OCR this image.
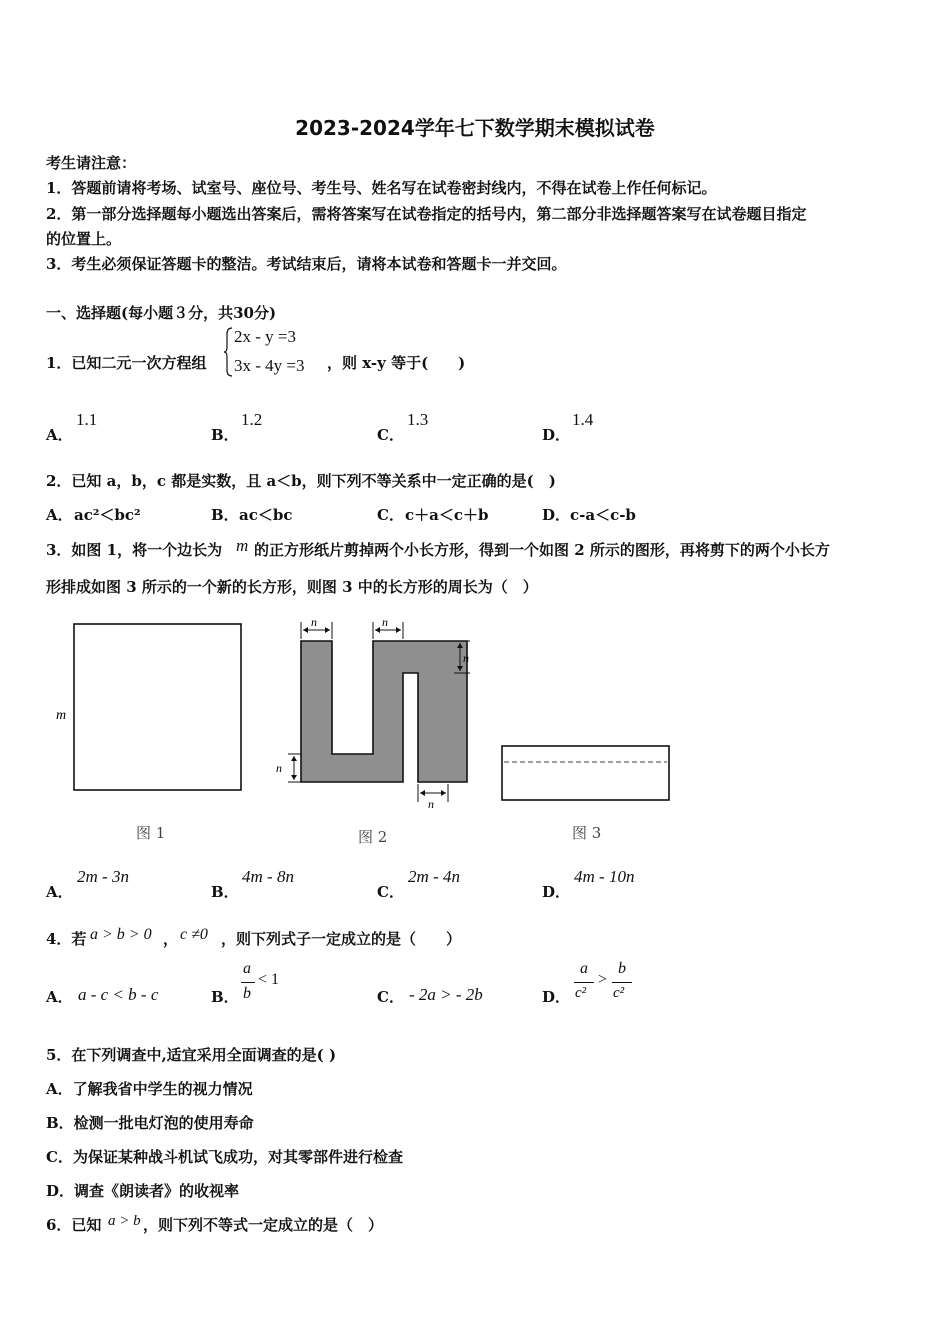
2023-2024学年七下数学期末模拟试卷
考生请注意：
1．答题前请将考场、试室号、座位号、考生号、姓名写在试卷密封线内，不得在试卷上作任何标记。
2．第一部分选择题每小题选出答案后，需将答案写在试卷指定的括号内，第二部分非选择题答案写在试卷题目指定
的位置上。
3．考生必须保证答题卡的整洁。考试结束后，请将本试卷和答题卡一并交回。
一、选择题(每小题３分，共30分)
1．已知二元一次方程组
2x - y =3
3x - 4y =3 ，则 x-y 等于(　　)
A．
1.1
B．
1.2
C．
1.3
D．
1.4
2．已知 a，b，c 都是实数，且 a＜b，则下列不等关系中一定正确的是(　)
A． ac²＜bc²	B． ac＜bc	C． c＋a＜c＋b	D． c-a＜c-b
3．如图 1，将一个边长为 m 的正方形纸片剪掉两个小长方形，得到一个如图 2 所示的图形，再将剪下的两个小长方
形排成如图 3 所示的一个新的长方形，则图 3 中的长方形的周长为（　）
m
图 1
n	n
n
n
n
图 2	图 3
A．
2m - 3n
B．
4m - 8n
C．
2m - 4n
D．
4m - 10n
4．若 a > b > 0 ， c ≠0 ，则下列式子一定成立的是（　　）
A． a - c < b - c	B．
a
b
< 1
C． - 2a > - 2b	D．
a
c²
>
b
c²
5．在下列调查中,适宜采用全面调查的是( )
A．了解我省中学生的视力情况
B．检测一批电灯泡的使用寿命
C．为保证某种战斗机试飞成功，对其零部件进行检查
D．调查《朗读者》的收视率
6．已知 a > b ，则下列不等式一定成立的是（　）
